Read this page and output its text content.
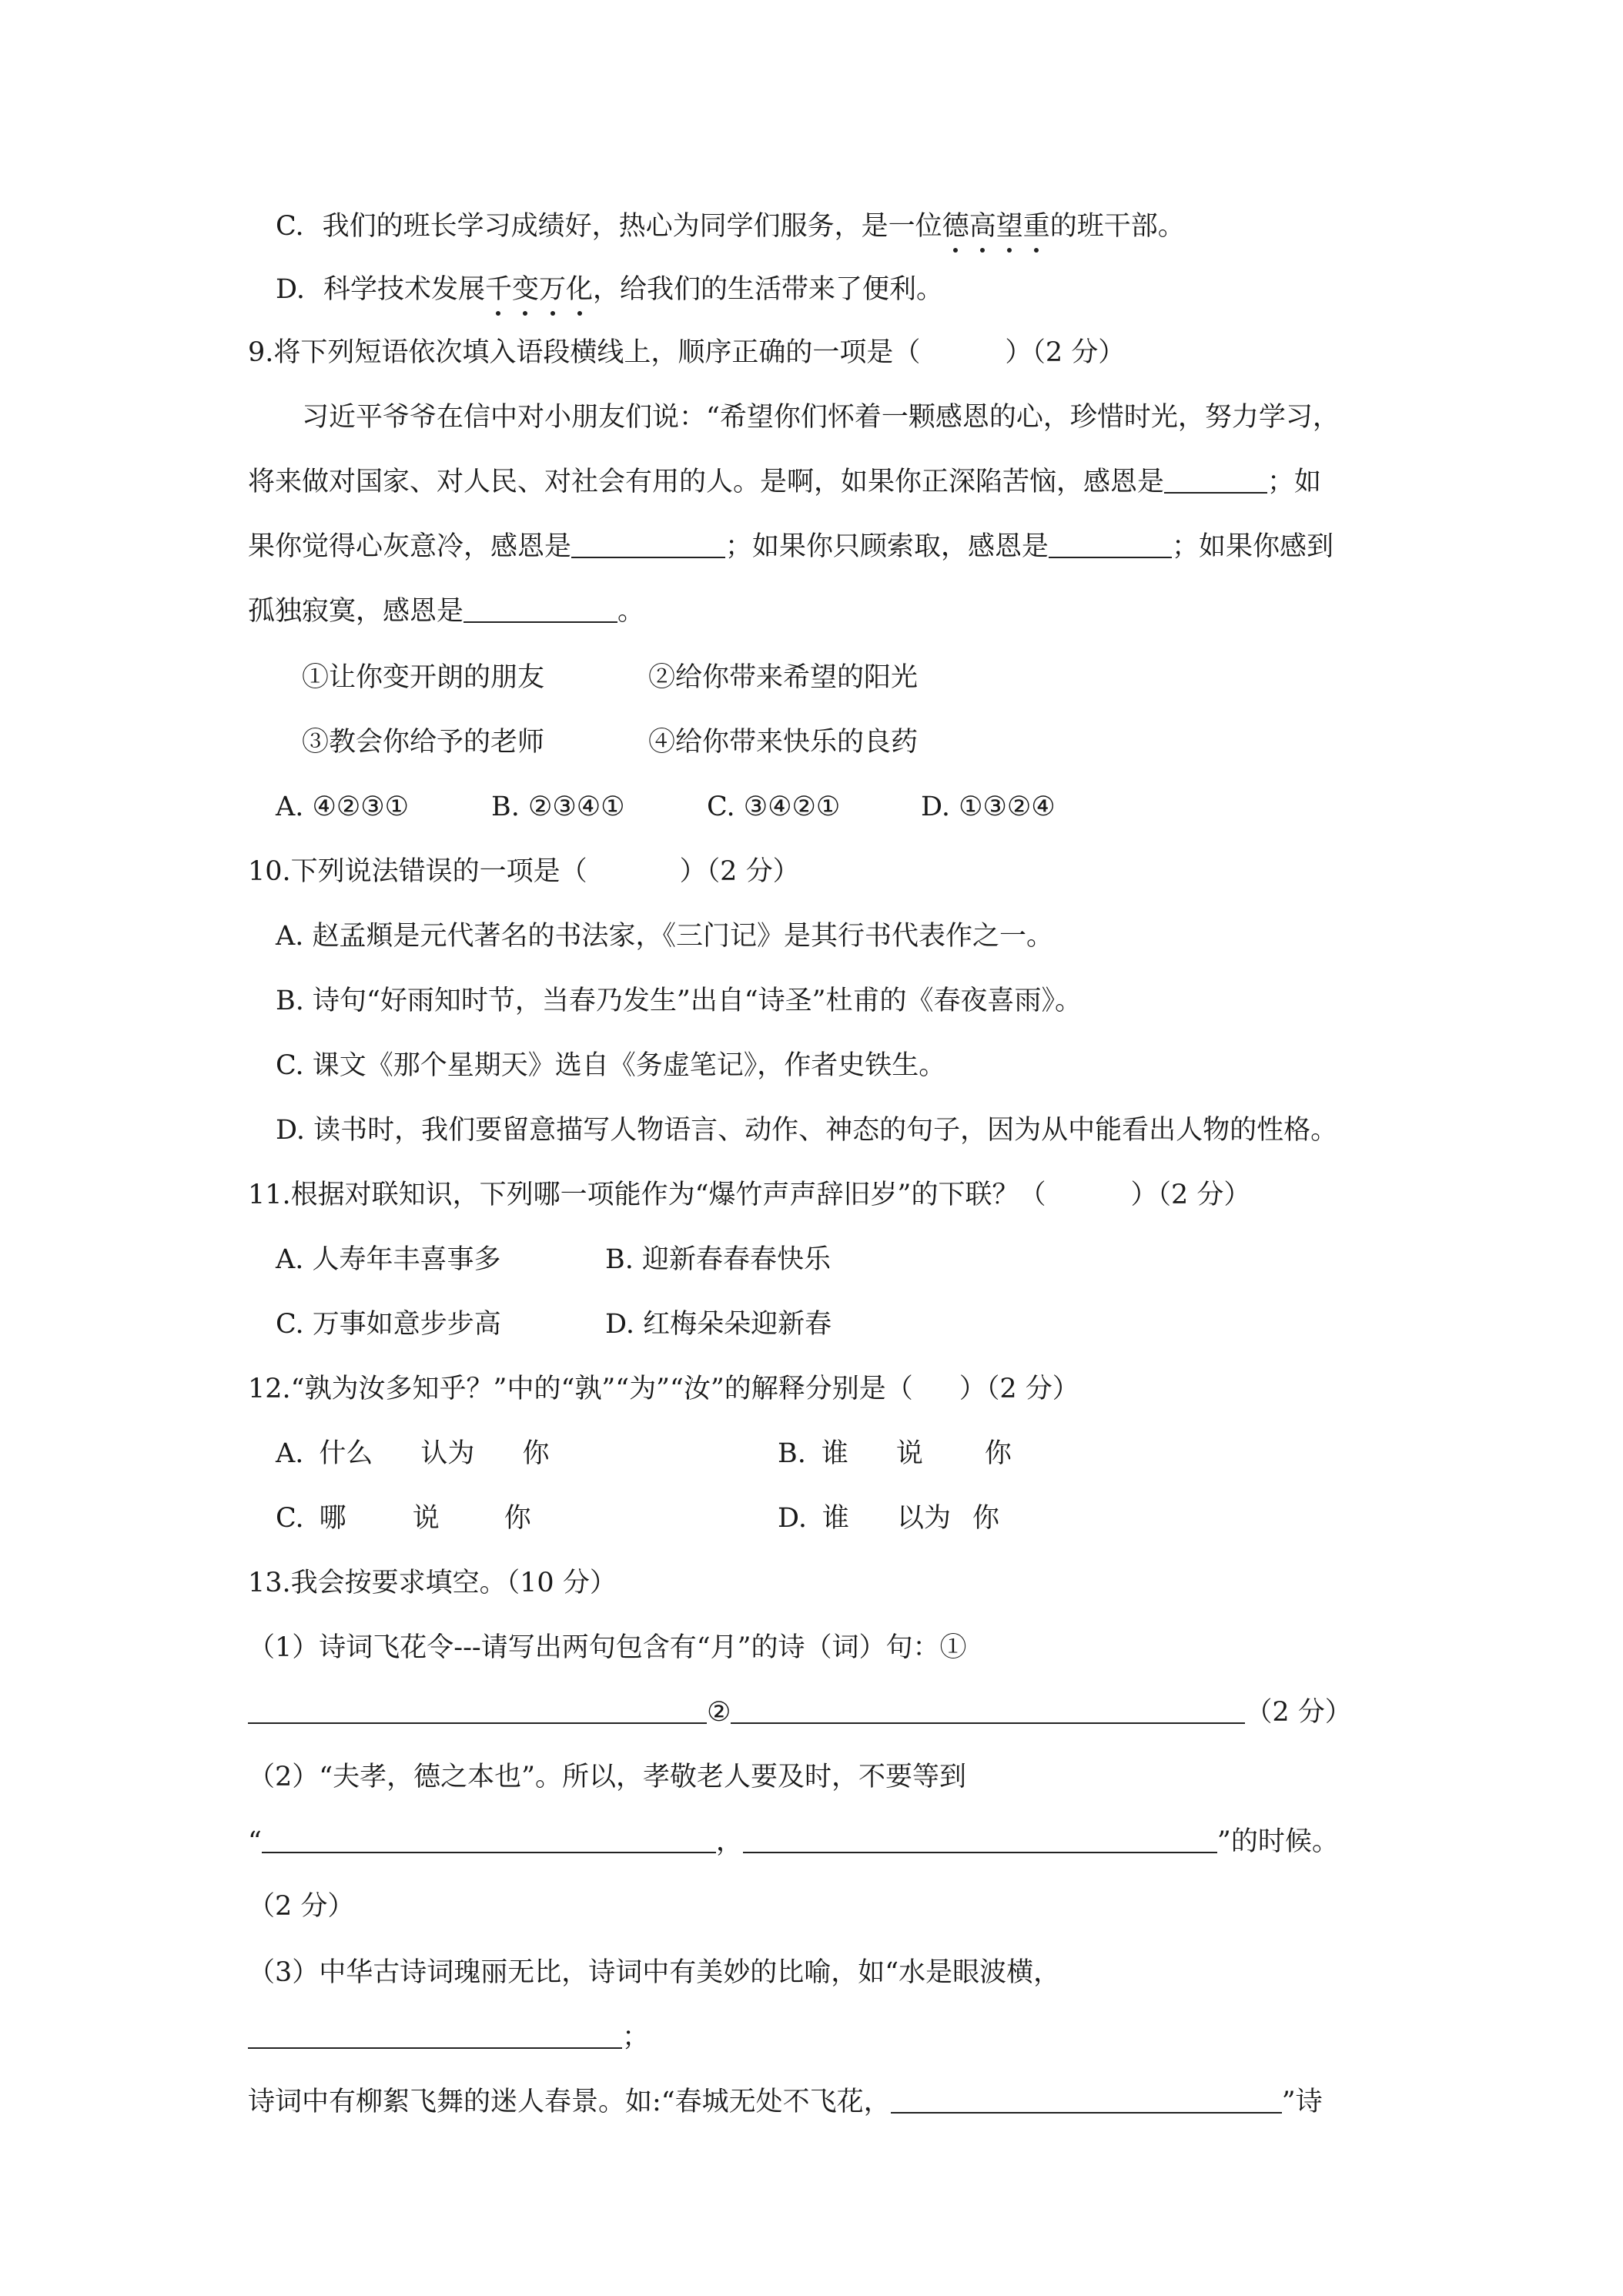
C. 我们的班长学习成绩好，热心为同学们服务，是一位德高望重的班干部。
D. 科学技术发展千变万化，给我们的生活带来了便利。
9.将下列短语依次填入语段横线上，顺序正确的一项是（	）（2 分）
习近平爷爷在信中对小朋友们说：“希望你们怀着一颗感恩的心，珍惜时光，努力学习，
将来做对国家、对人民、对社会有用的人。是啊，如果你正深陷苦恼，感恩是	；如
果你觉得心灰意冷，感恩是	；如果你只顾索取，感恩是	；如果你感到
孤独寂寞，感恩是	。
①让你变开朗的朋友	②给你带来希望的阳光
③教会你给予的老师	④给你带来快乐的良药
A. ④②③①	B. ②③④①	C. ③④②①	D. ①③②④
10.下列说法错误的一项是（	）（2 分）
A. 赵孟頫是元代著名的书法家，《三门记》是其行书代表作之一。
B. 诗句“好雨知时节，当春乃发生”出自“诗圣”杜甫的《春夜喜雨》。
C. 课文《那个星期天》选自《务虚笔记》，作者史铁生。
D. 读书时，我们要留意描写人物语言、动作、神态的句子，因为从中能看出人物的性格。
11.根据对联知识，下列哪一项能作为“爆竹声声辞旧岁”的下联？（	）（2 分）
A. 人寿年丰喜事多	B. 迎新春春春快乐
C. 万事如意步步高	D. 红梅朵朵迎新春
12.“孰为汝多知乎？”中的“孰”“为”“汝”的解释分别是（ ）（2 分）
A. 什么 认为 你	B. 谁 说 你
C. 哪 说 你	D. 谁 以为 你
13.我会按要求填空。（10 分）
（1）诗词飞花令---请写出两句包含有“月”的诗（词）句：①
②	（2 分）
（2）“夫孝，德之本也”。所以，孝敬老人要及时，不要等到
“	，	”的时候。
（2 分）
（3）中华古诗词瑰丽无比，诗词中有美妙的比喻，如“水是眼波横，
；
诗词中有柳絮飞舞的迷人春景。如:“春城无处不飞花，	”诗
